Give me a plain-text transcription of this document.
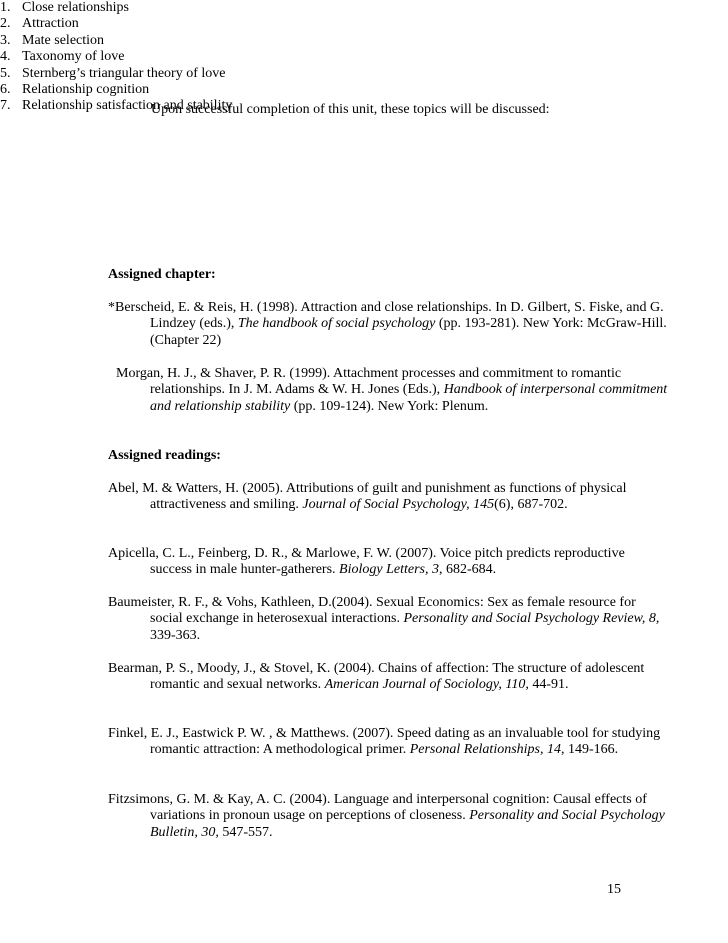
Upon successful completion of this unit, these topics will be discussed:
1. Close relationships
2. Attraction
3. Mate selection
4. Taxonomy of love
5. Sternberg’s triangular theory of love
6. Relationship cognition
7. Relationship satisfaction and stability
Assigned chapter:
*Berscheid, E. & Reis, H. (1998). Attraction and close relationships. In D. Gilbert, S. Fiske, and G. Lindzey (eds.), The handbook of social psychology (pp. 193-281). New York: McGraw-Hill. (Chapter 22)
Morgan, H. J., & Shaver, P. R. (1999). Attachment processes and commitment to romantic relationships. In J. M. Adams & W. H. Jones (Eds.), Handbook of interpersonal commitment and relationship stability (pp. 109-124). New York: Plenum.
Assigned readings:
Abel, M. & Watters, H. (2005). Attributions of guilt and punishment as functions of physical attractiveness and smiling. Journal of Social Psychology, 145(6), 687-702.
Apicella, C. L., Feinberg, D. R., & Marlowe, F. W. (2007). Voice pitch predicts reproductive success in male hunter-gatherers. Biology Letters, 3, 682-684.
Baumeister, R. F., & Vohs, Kathleen, D.(2004). Sexual Economics: Sex as female resource for social exchange in heterosexual interactions. Personality and Social Psychology Review, 8, 339-363.
Bearman, P. S., Moody, J., & Stovel, K. (2004). Chains of affection: The structure of adolescent romantic and sexual networks. American Journal of Sociology, 110, 44-91.
Finkel, E. J., Eastwick P. W. , & Matthews. (2007). Speed dating as an invaluable tool for studying romantic attraction: A methodological primer. Personal Relationships, 14, 149-166.
Fitzsimons, G. M. & Kay, A. C. (2004). Language and interpersonal cognition: Causal effects of variations in pronoun usage on perceptions of closeness. Personality and Social Psychology Bulletin, 30, 547-557.
15
